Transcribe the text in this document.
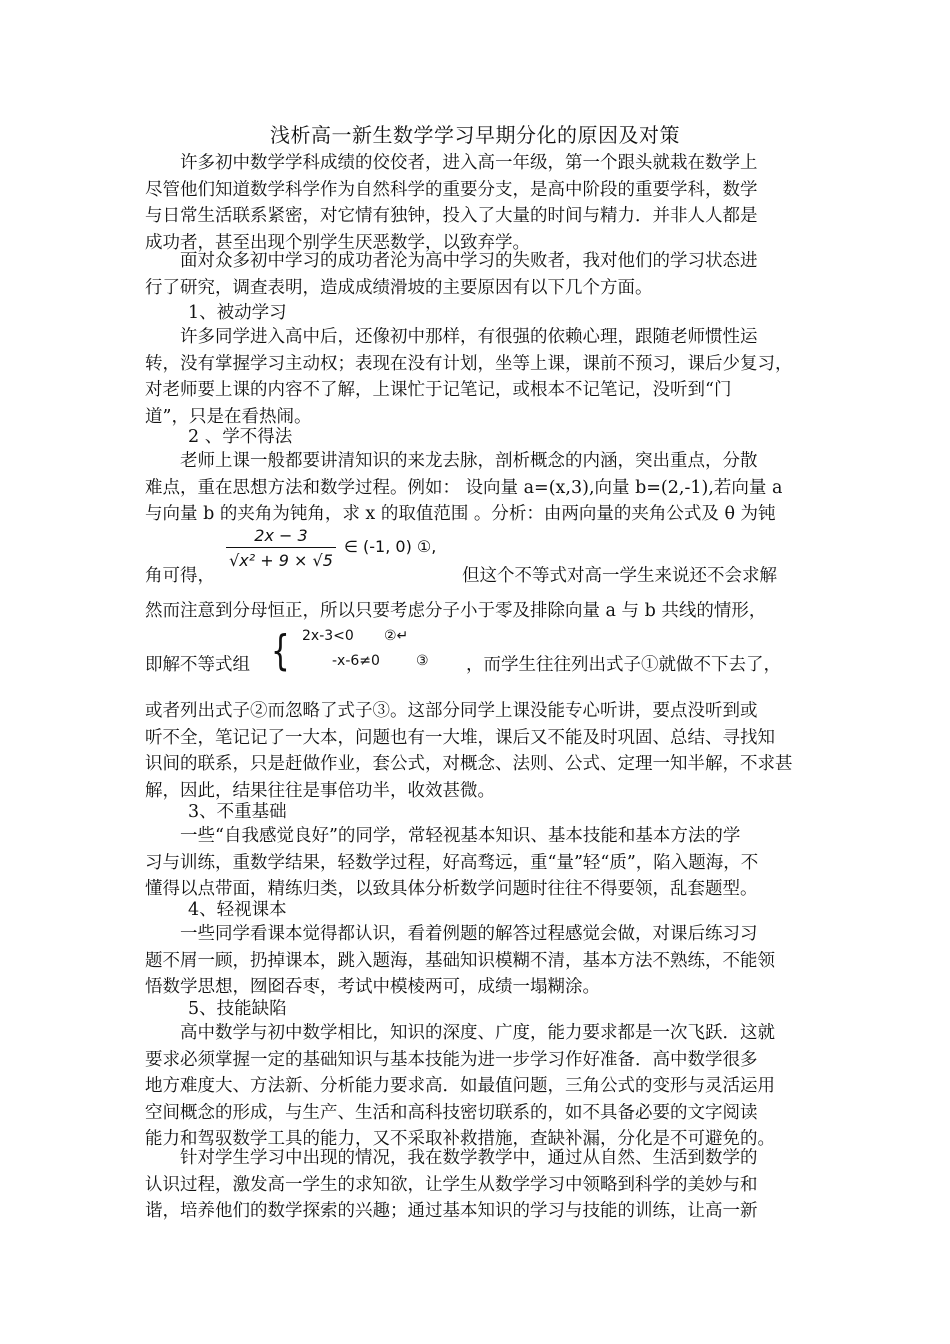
浅析高一新生数学学习早期分化的原因及对策
　　许多初中数学学科成绩的佼佼者，进入高一年级，第一个跟头就栽在数学上
尽管他们知道数学科学作为自然科学的重要分支，是高中阶段的重要学科，数学
与日常生活联系紧密，对它情有独钟，投入了大量的时间与精力．并非人人都是
成功者，甚至出现个别学生厌恶数学，以致弃学。
　　面对众多初中学习的成功者沦为高中学习的失败者，我对他们的学习状态进
行了研究，调查表明，造成成绩滑坡的主要原因有以下几个方面。
1、被动学习
　　许多同学进入高中后，还像初中那样，有很强的依赖心理，跟随老师惯性运
转，没有掌握学习主动权；表现在没有计划，坐等上课，课前不预习，课后少复习，
对老师要上课的内容不了解，上课忙于记笔记，或根本不记笔记，没听到“门
道”，只是在看热闹。
2 、学不得法
　　老师上课一般都要讲清知识的来龙去脉，剖析概念的内涵，突出重点，分散
难点，重在思想方法和数学过程。例如： 设向量 a=(x,3),向量 b=(2,-1),若向量 a
与向量 b 的夹角为钝角，求 x 的取值范围 。分析：由两向量的夹角公式及 θ 为钝
$\frac{2x - 3}{\text{√x² + 9 × √5}}$ ∈ (-1, 0) ①,
角可得，	但这个不等式对高一学生来说还不会求解
然而注意到分母恒正，所以只要考虑分子小于零及排除向量 a 与 b 共线的情形，
即解不等式组 { 2x-3<0 ②↵
-x-6≠0	③ ，而学生往往列出式子①就做不下去了，
或者列出式子②而忽略了式子③。这部分同学上课没能专心听讲，要点没听到或
听不全，笔记记了一大本，问题也有一大堆，课后又不能及时巩固、总结、寻找知
识间的联系，只是赶做作业，套公式，对概念、法则、公式、定理一知半解，不求甚
解，因此，结果往往是事倍功半，收效甚微。
3、不重基础
　　一些“自我感觉良好”的同学，常轻视基本知识、基本技能和基本方法的学
习与训练，重数学结果，轻数学过程，好高骛远，重“量”轻“质”，陷入题海，不
懂得以点带面，精练归类，以致具体分析数学问题时往往不得要领，乱套题型。
4、轻视课本
　　一些同学看课本觉得都认识，看着例题的解答过程感觉会做，对课后练习习
题不屑一顾，扔掉课本，跳入题海，基础知识模糊不清，基本方法不熟练，不能领
悟数学思想，囫囵吞枣，考试中模棱两可，成绩一塌糊涂。
5、技能缺陷
　　高中数学与初中数学相比，知识的深度、广度，能力要求都是一次飞跃．这就
要求必须掌握一定的基础知识与基本技能为进一步学习作好准备．高中数学很多
地方难度大、方法新、分析能力要求高．如最值问题，三角公式的变形与灵活运用
空间概念的形成，与生产、生活和高科技密切联系的，如不具备必要的文字阅读
能力和驾驭数学工具的能力，又不采取补救措施，查缺补漏，分化是不可避免的。
　　针对学生学习中出现的情况，我在数学教学中，通过从自然、生活到数学的
认识过程，激发高一学生的求知欲，让学生从数学学习中领略到科学的美妙与和
谐，培养他们的数学探索的兴趣；通过基本知识的学习与技能的训练，让高一新
